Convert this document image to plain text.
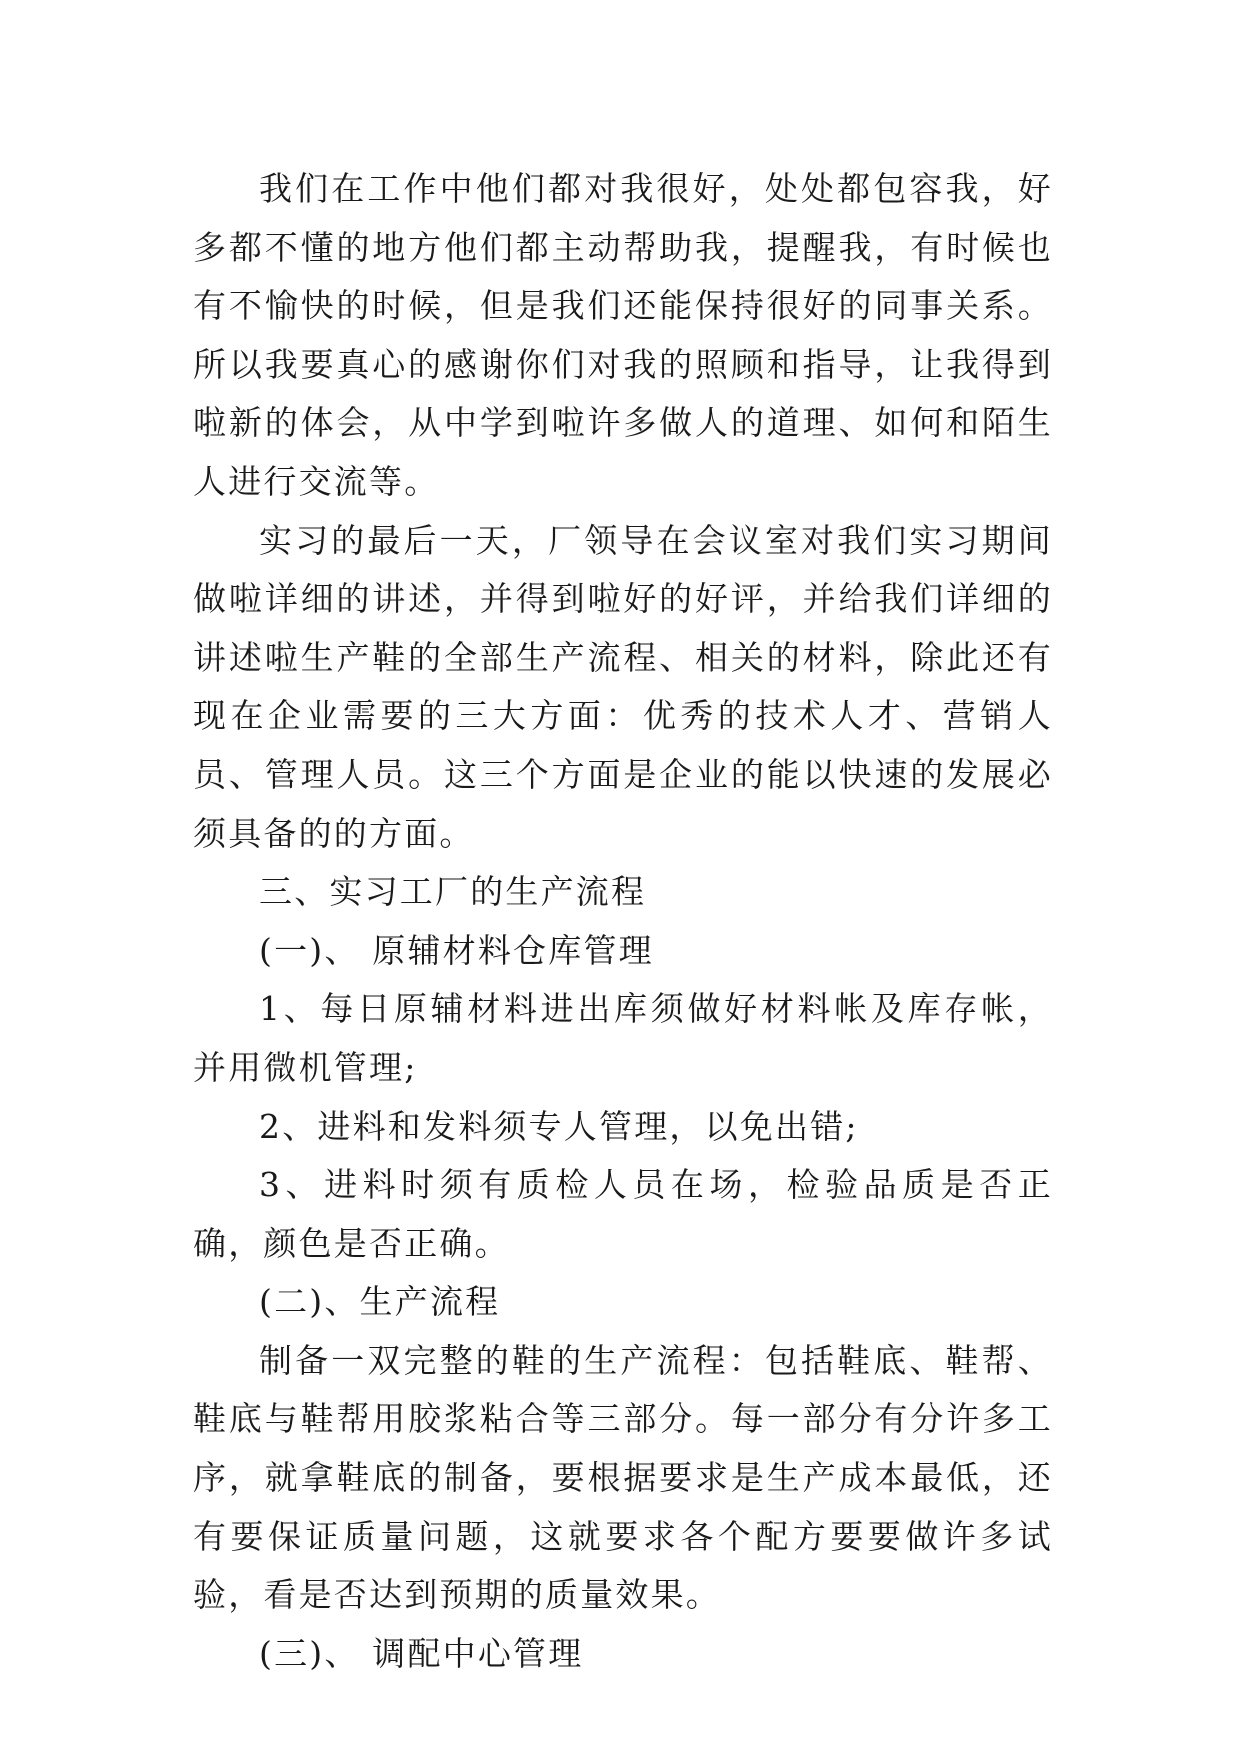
我们在工作中他们都对我很好，处处都包容我，好多都不懂的地方他们都主动帮助我，提醒我，有时候也有不愉快的时候，但是我们还能保持很好的同事关系。所以我要真心的感谢你们对我的照顾和指导，让我得到啦新的体会，从中学到啦许多做人的道理、如何和陌生人进行交流等。

实习的最后一天，厂领导在会议室对我们实习期间做啦详细的讲述，并得到啦好的好评，并给我们详细的讲述啦生产鞋的全部生产流程、相关的材料，除此还有现在企业需要的三大方面：优秀的技术人才、营销人员、管理人员。这三个方面是企业的能以快速的发展必须具备的的方面。

三、实习工厂的生产流程

(一)、 原辅材料仓库管理

1、每日原辅材料进出库须做好材料帐及库存帐，并用微机管理;

2、进料和发料须专人管理，以免出错;

3、进料时须有质检人员在场，检验品质是否正确，颜色是否正确。

(二)、生产流程

制备一双完整的鞋的生产流程：包括鞋底、鞋帮、鞋底与鞋帮用胶浆粘合等三部分。每一部分有分许多工序，就拿鞋底的制备，要根据要求是生产成本最低，还有要保证质量问题，这就要求各个配方要要做许多试验，看是否达到预期的质量效果。

(三)、 调配中心管理
